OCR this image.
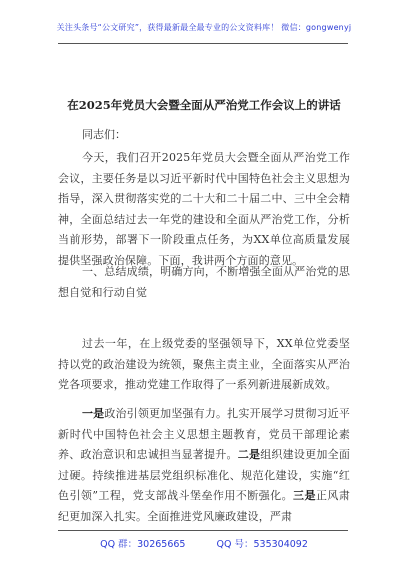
关注头条号“公文研究”，获得最新最全最专业的公文资料库！ 微信：gongwenyj
在2025年党员大会暨全面从严治党工作会议上的讲话
同志们：

今天，我们召开2025年党员大会暨全面从严治党工作会议，主要任务是以习近平新时代中国特色社会主义思想为指导，深入贯彻落实党的二十大和二十届二中、三中全会精神，全面总结过去一年党的建设和全面从严治党工作，分析当前形势，部署下一阶段重点任务，为XX单位高质量发展提供坚强政治保障。下面，我讲两个方面的意见。

一、总结成绩，明确方向，不断增强全面从严治党的思想自觉和行动自觉

过去一年，在上级党委的坚强领导下，XX单位党委坚持以党的政治建设为统领，聚焦主责主业，全面落实从严治党各项要求，推动党建工作取得了一系列新进展新成效。

一是政治引领更加坚强有力。扎实开展学习贯彻习近平新时代中国特色社会主义思想主题教育，党员干部理论素养、政治意识和忠诚担当显著提升。二是组织建设更加全面过硬。持续推进基层党组织标准化、规范化建设，实施“红色引领”工程，党支部战斗堡垒作用不断强化。三是正风肃纪更加深入扎实。全面推进党风廉政建设，严肃

QQ 群：30265665	QQ 号：535304092
